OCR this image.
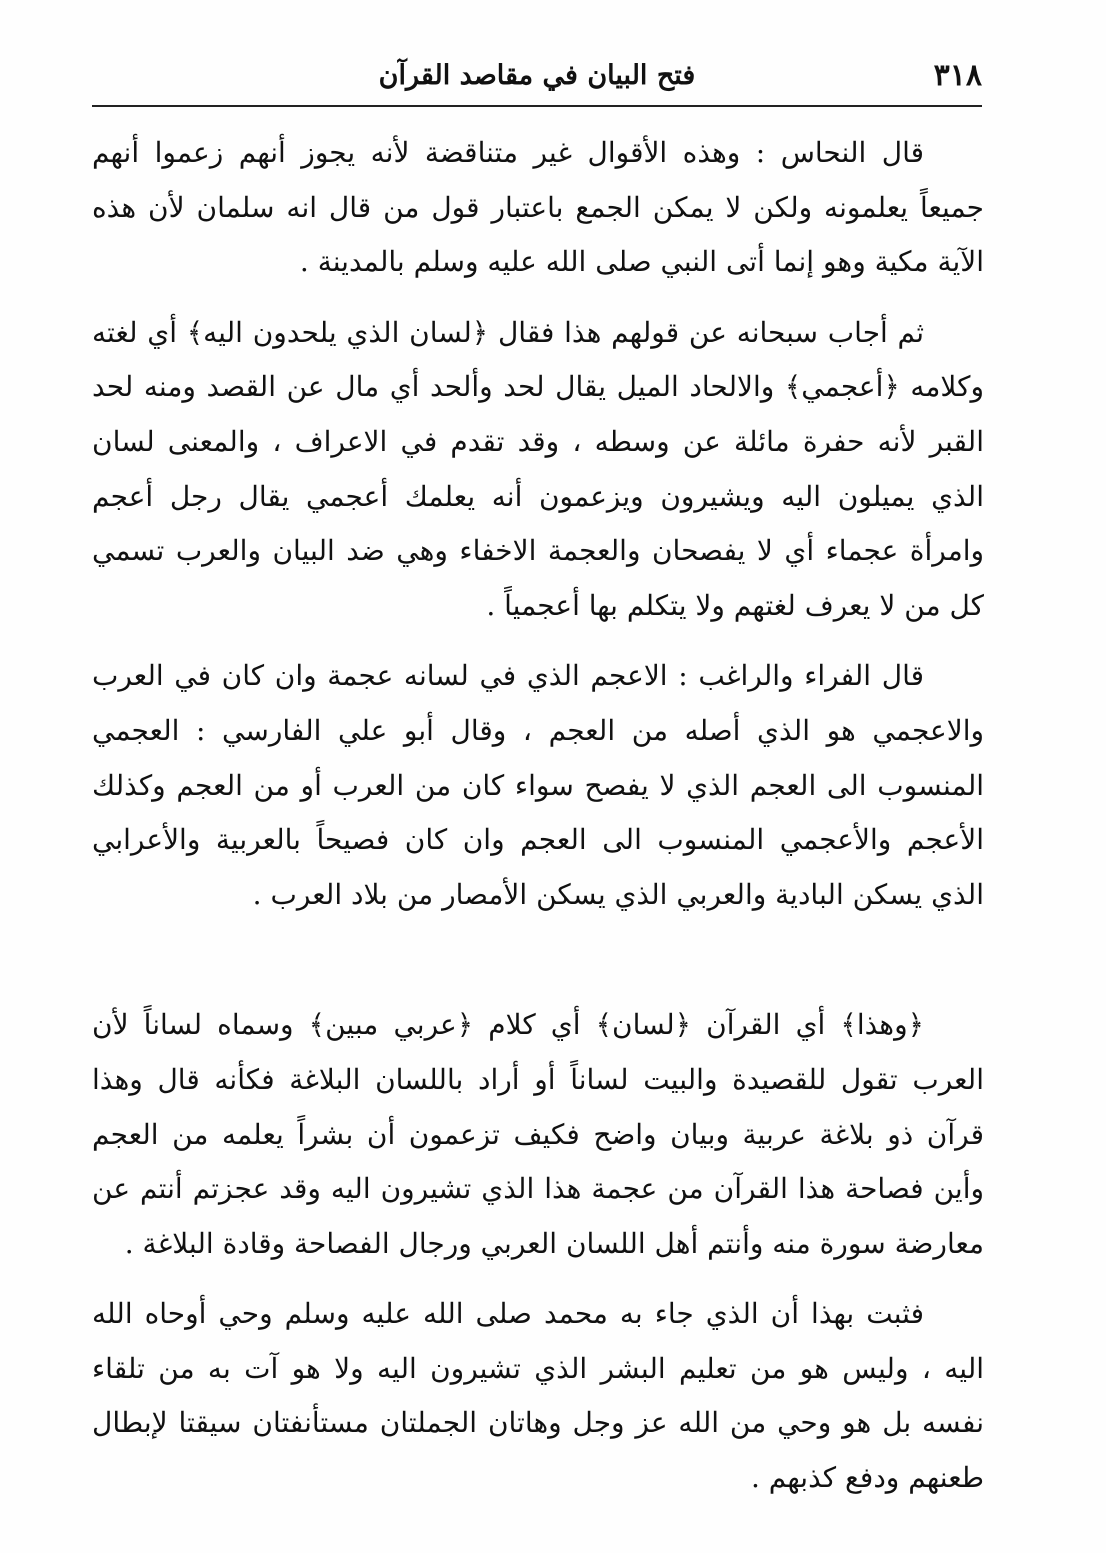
٣١٨
فتح البيان في مقاصد القرآن

قال النحاس : وهذه الأقوال غير متناقضة لأنه يجوز أنهم زعموا أنهم جميعاً يعلمونه ولكن لا يمكن الجمع باعتبار قول من قال انه سلمان لأن هذه الآية مكية وهو إنما أتى النبي صلى الله عليه وسلم بالمدينة .

ثم أجاب سبحانه عن قولهم هذا فقال ﴿لسان الذي يلحدون اليه﴾ أي لغته وكلامه ﴿أعجمي﴾ والالحاد الميل يقال لحد وألحد أي مال عن القصد ومنه لحد القبر لأنه حفرة مائلة عن وسطه ، وقد تقدم في الاعراف ، والمعنى لسان الذي يميلون اليه ويشيرون ويزعمون أنه يعلمك أعجمي يقال رجل أعجم وامرأة عجماء أي لا يفصحان والعجمة الاخفاء وهي ضد البيان والعرب تسمي كل من لا يعرف لغتهم ولا يتكلم بها أعجمياً .

قال الفراء والراغب : الاعجم الذي في لسانه عجمة وان كان في العرب والاعجمي هو الذي أصله من العجم ، وقال أبو علي الفارسي : العجمي المنسوب الى العجم الذي لا يفصح سواء كان من العرب أو من العجم وكذلك الأعجم والأعجمي المنسوب الى العجم وان كان فصيحاً بالعربية والأعرابي الذي يسكن البادية والعربي الذي يسكن الأمصار من بلاد العرب .

﴿وهذا﴾ أي القرآن ﴿لسان﴾ أي كلام ﴿عربي مبين﴾ وسماه لساناً لأن العرب تقول للقصيدة والبيت لساناً أو أراد باللسان البلاغة فكأنه قال وهذا قرآن ذو بلاغة عربية وبيان واضح فكيف تزعمون أن بشراً يعلمه من العجم وأين فصاحة هذا القرآن من عجمة هذا الذي تشيرون اليه وقد عجزتم أنتم عن معارضة سورة منه وأنتم أهل اللسان العربي ورجال الفصاحة وقادة البلاغة .

فثبت بهذا أن الذي جاء به محمد صلى الله عليه وسلم وحي أوحاه الله اليه ، وليس هو من تعليم البشر الذي تشيرون اليه ولا هو آت به من تلقاء نفسه بل هو وحي من الله عز وجل وهاتان الجملتان مستأنفتان سيقتا لإبطال طعنهم ودفع كذبهم .
